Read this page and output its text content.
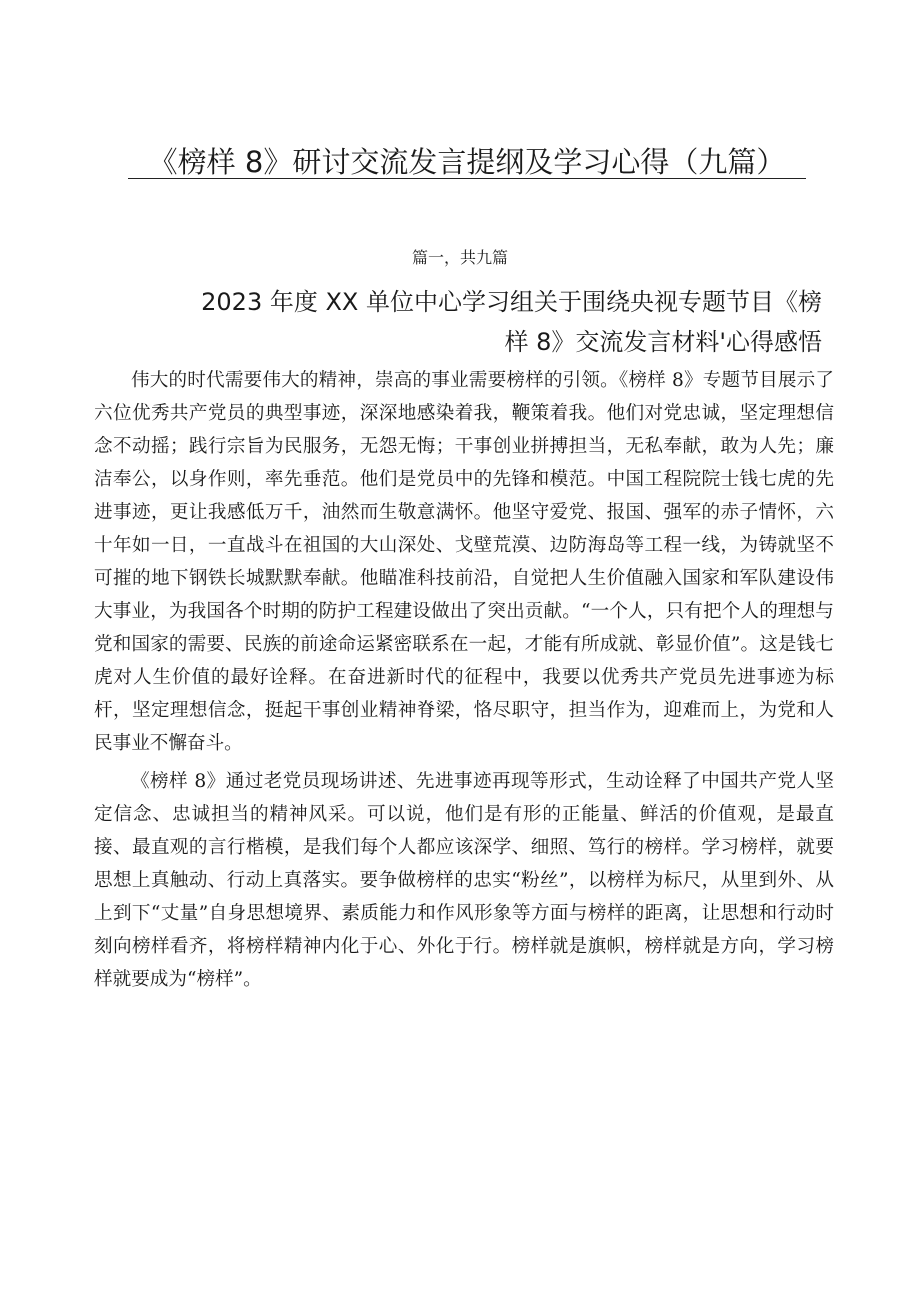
《榜样 8》研讨交流发言提纲及学习心得（九篇）
篇一，共九篇
2023 年度 XX 单位中心学习组关于围绕央视专题节目《榜
样 8》交流发言材料'心得感悟

伟大的时代需要伟大的精神，崇高的事业需要榜样的引领。《榜样 8》专题节目展示了六位优秀共产党员的典型事迹，深深地感染着我，鞭策着我。他们对党忠诚，坚定理想信念不动摇；践行宗旨为民服务，无怨无悔；干事创业拼搏担当，无私奉献，敢为人先；廉洁奉公，以身作则，率先垂范。他们是党员中的先锋和模范。中国工程院院士钱七虎的先进事迹，更让我感低万千，油然而生敬意满怀。他坚守爱党、报国、强军的赤子情怀，六十年如一日，一直战斗在祖国的大山深处、戈壁荒漠、边防海岛等工程一线，为铸就坚不可摧的地下钢铁长城默默奉献。他瞄准科技前沿，自觉把人生价值融入国家和军队建设伟大事业，为我国各个时期的防护工程建设做出了突出贡献。“一个人，只有把个人的理想与党和国家的需要、民族的前途命运紧密联系在一起，才能有所成就、彰显价值”。这是钱七虎对人生价值的最好诠释。在奋进新时代的征程中，我要以优秀共产党员先进事迹为标杆，坚定理想信念，挺起干事创业精神脊梁，恪尽职守，担当作为，迎难而上，为党和人民事业不懈奋斗。

《榜样 8》通过老党员现场讲述、先进事迹再现等形式，生动诠释了中国共产党人坚定信念、忠诚担当的精神风采。可以说，他们是有形的正能量、鲜活的价值观，是最直接、最直观的言行楷模，是我们每个人都应该深学、细照、笃行的榜样。学习榜样，就要思想上真触动、行动上真落实。要争做榜样的忠实“粉丝”，以榜样为标尺，从里到外、从上到下“丈量”自身思想境界、素质能力和作风形象等方面与榜样的距离，让思想和行动时刻向榜样看齐，将榜样精神内化于心、外化于行。榜样就是旗帜，榜样就是方向，学习榜样就要成为“榜样”。
